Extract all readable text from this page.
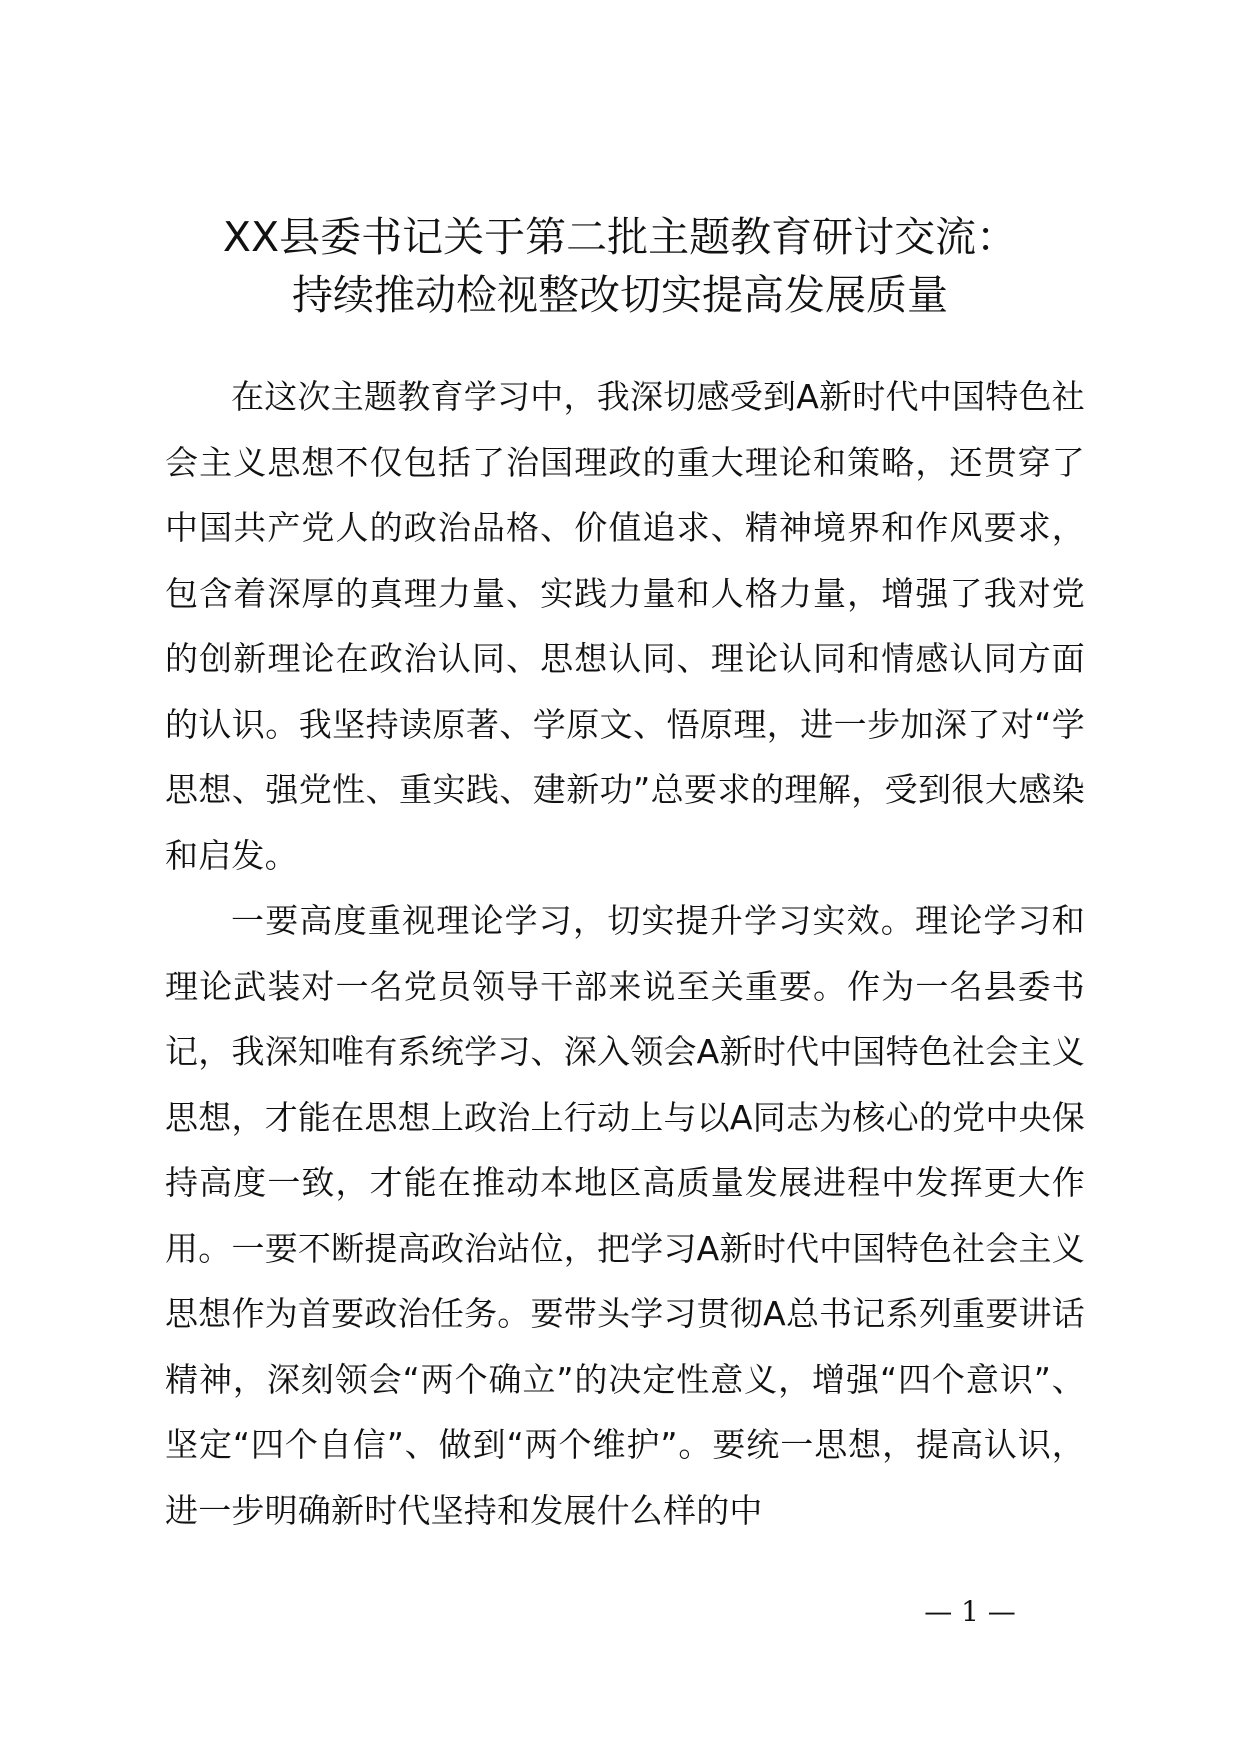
XX县委书记关于第二批主题教育研讨交流：
持续推动检视整改切实提高发展质量

在这次主题教育学习中，我深切感受到A新时代中国特色社会主义思想不仅包括了治国理政的重大理论和策略，还贯穿了中国共产党人的政治品格、价值追求、精神境界和作风要求，包含着深厚的真理力量、实践力量和人格力量，增强了我对党的创新理论在政治认同、思想认同、理论认同和情感认同方面的认识。我坚持读原著、学原文、悟原理，进一步加深了对“学思想、强党性、重实践、建新功”总要求的理解，受到很大感染和启发。

一要高度重视理论学习，切实提升学习实效。理论学习和理论武装对一名党员领导干部来说至关重要。作为一名县委书记，我深知唯有系统学习、深入领会A新时代中国特色社会主义思想，才能在思想上政治上行动上与以A同志为核心的党中央保持高度一致，才能在推动本地区高质量发展进程中发挥更大作用。一要不断提高政治站位，把学习A新时代中国特色社会主义思想作为首要政治任务。要带头学习贯彻A总书记系列重要讲话精神，深刻领会“两个确立”的决定性意义，增强“四个意识”、坚定“四个自信”、做到“两个维护”。要统一思想，提高认识，进一步明确新时代坚持和发展什么样的中

— 1 —
